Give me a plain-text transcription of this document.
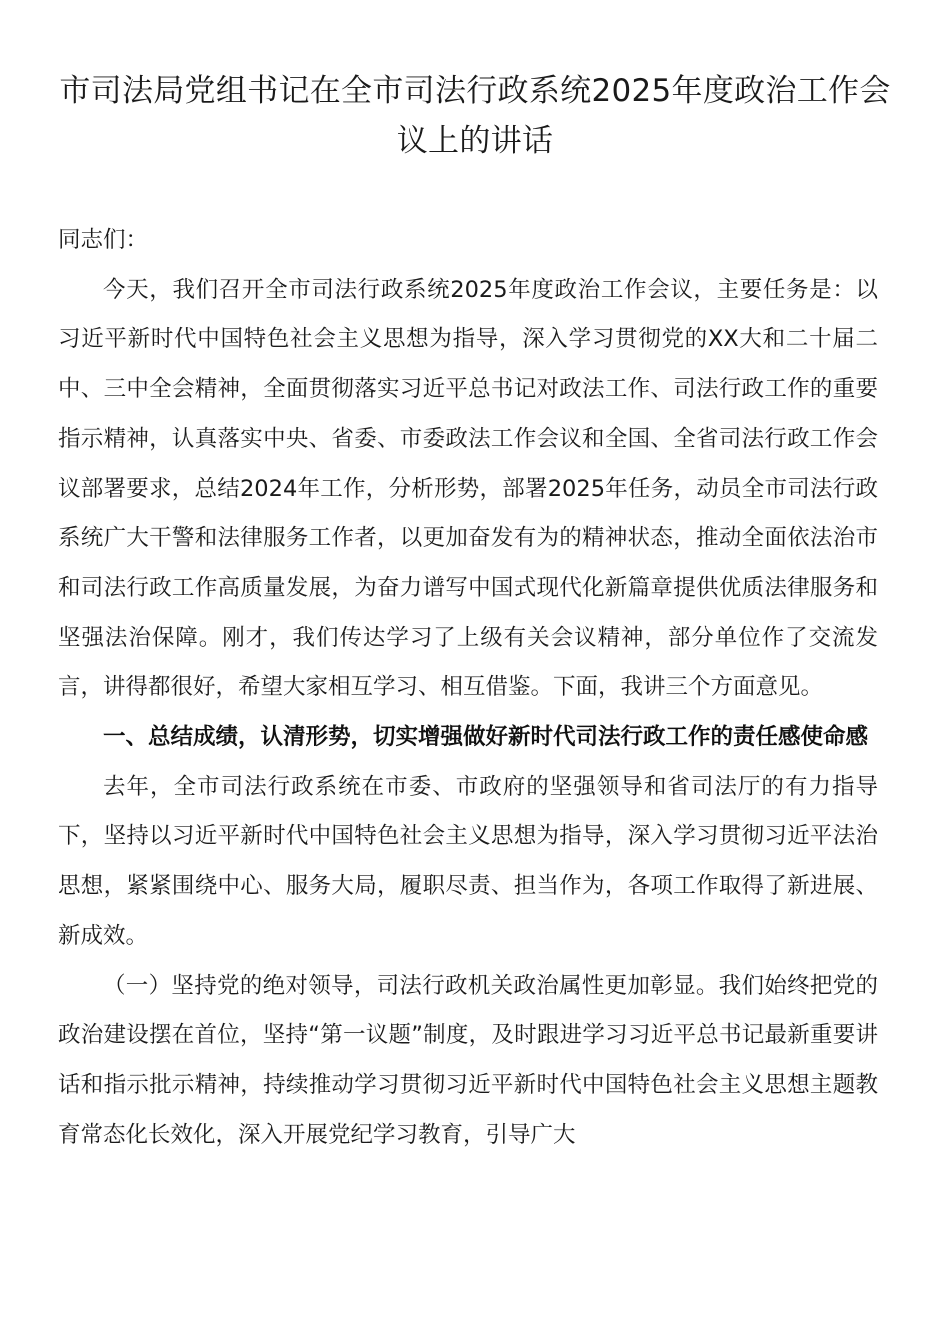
市司法局党组书记在全市司法行政系统2025年度政治工作会议上的讲话

同志们：

今天，我们召开全市司法行政系统2025年度政治工作会议，主要任务是：以习近平新时代中国特色社会主义思想为指导，深入学习贯彻党的XX大和二十届二中、三中全会精神，全面贯彻落实习近平总书记对政法工作、司法行政工作的重要指示精神，认真落实中央、省委、市委政法工作会议和全国、全省司法行政工作会议部署要求，总结2024年工作，分析形势，部署2025年任务，动员全市司法行政系统广大干警和法律服务工作者，以更加奋发有为的精神状态，推动全面依法治市和司法行政工作高质量发展，为奋力谱写中国式现代化新篇章提供优质法律服务和坚强法治保障。刚才，我们传达学习了上级有关会议精神，部分单位作了交流发言，讲得都很好，希望大家相互学习、相互借鉴。下面，我讲三个方面意见。

一、总结成绩，认清形势，切实增强做好新时代司法行政工作的责任感使命感

去年，全市司法行政系统在市委、市政府的坚强领导和省司法厅的有力指导下，坚持以习近平新时代中国特色社会主义思想为指导，深入学习贯彻习近平法治思想，紧紧围绕中心、服务大局，履职尽责、担当作为，各项工作取得了新进展、新成效。

（一）坚持党的绝对领导，司法行政机关政治属性更加彰显。我们始终把党的政治建设摆在首位，坚持“第一议题”制度，及时跟进学习习近平总书记最新重要讲话和指示批示精神，持续推动学习贯彻习近平新时代中国特色社会主义思想主题教育常态化长效化，深入开展党纪学习教育，引导广大
